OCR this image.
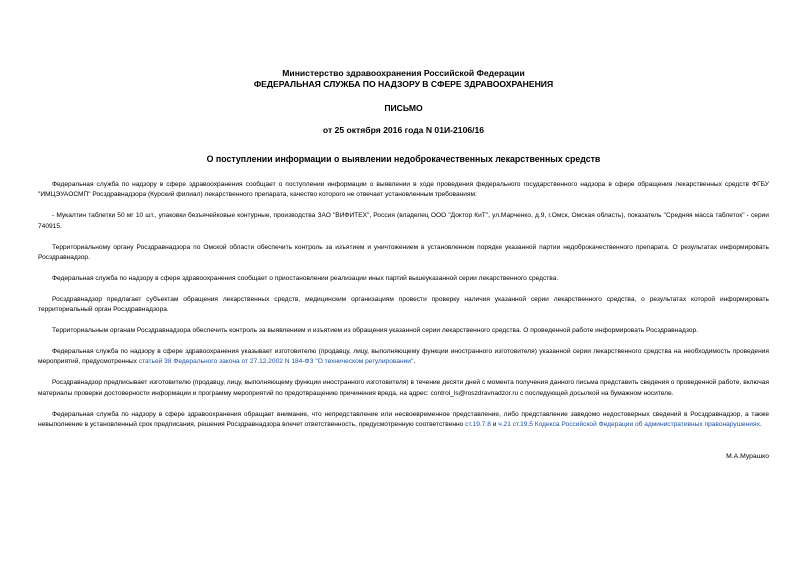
Министерство здравоохранения Российской Федерации
ФЕДЕРАЛЬНАЯ СЛУЖБА ПО НАДЗОРУ В СФЕРЕ ЗДРАВООХРАНЕНИЯ
ПИСЬМО
от 25 октября 2016 года N 01И-2106/16
О поступлении информации о выявлении недоброкачественных лекарственных средств

Федеральная служба по надзору в сфере здравоохранения сообщает о поступлении информации о выявлении в ходе проведения федерального государственного надзора в сфере обращения лекарственных средств ФГБУ "ИМЦЭУАОСМП" Росздравнадзора (Курский филиал) лекарственного препарата, качество которого не отвечает установленным требованиям:

- Мукалтин таблетки 50 мг 10 шт., упаковки безъячейковые контурные, производства ЗАО "ВИФИТЕХ", Россия (владелец ООО "Доктор КиТ", ул.Марченко, д.9, г.Омск, Омская область), показатель "Средняя масса таблеток" - серии 740915.

Территориальному органу Росздравнадзора по Омской области обеспечить контроль за изъятием и уничтожением в установленном порядке указанной партии недоброкачественного препарата. О результатах информировать Росздравнадзор.

Федеральная служба по надзору в сфере здравоохранения сообщает о приостановлении реализации иных партий вышеуказанной серии лекарственного средства.

Росздравнадзор предлагает субъектам обращения лекарственных средств, медицинским организациям провести проверку наличия указанной серии лекарственного средства, о результатах которой информировать территориальный орган Росздравнадзора.

Территориальным органам Росздравнадзора обеспечить контроль за выявлением и изъятием из обращения указанной серии лекарственного средства. О проведенной работе информировать Росздравнадзор.

Федеральная служба по надзору в сфере здравоохранения указывает изготовителю (продавцу, лицу, выполняющему функции иностранного изготовителя) указанной серии лекарственного средства на необходимость проведения мероприятий, предусмотренных статьей 38 Федерального закона от 27.12.2002 N 184-ФЗ "О техническом регулировании".

Росздравнадзор предписывает изготовителю (продавцу, лицу, выполняющему функции иностранного изготовителя) в течение десяти дней с момента получения данного письма представить сведения о проведенной работе, включая материалы проверки достоверности информации и программу мероприятий по предотвращению причинения вреда, на адрес: control_ls@roszdravnadzor.ru с последующей досылкой на бумажном носителе.

Федеральная служба по надзору в сфере здравоохранения обращает внимание, что непредставление или несвоевременное представление, либо представление заведомо недостоверных сведений в Росздравнадзор, а также невыполнение в установленный срок предписания, решения Росздравнадзора влечет ответственность, предусмотренную соответственно ст.19.7.8 и ч.21 ст.19.5 Кодекса Российской Федерации об административных правонарушениях.

М.А.Мурашко
